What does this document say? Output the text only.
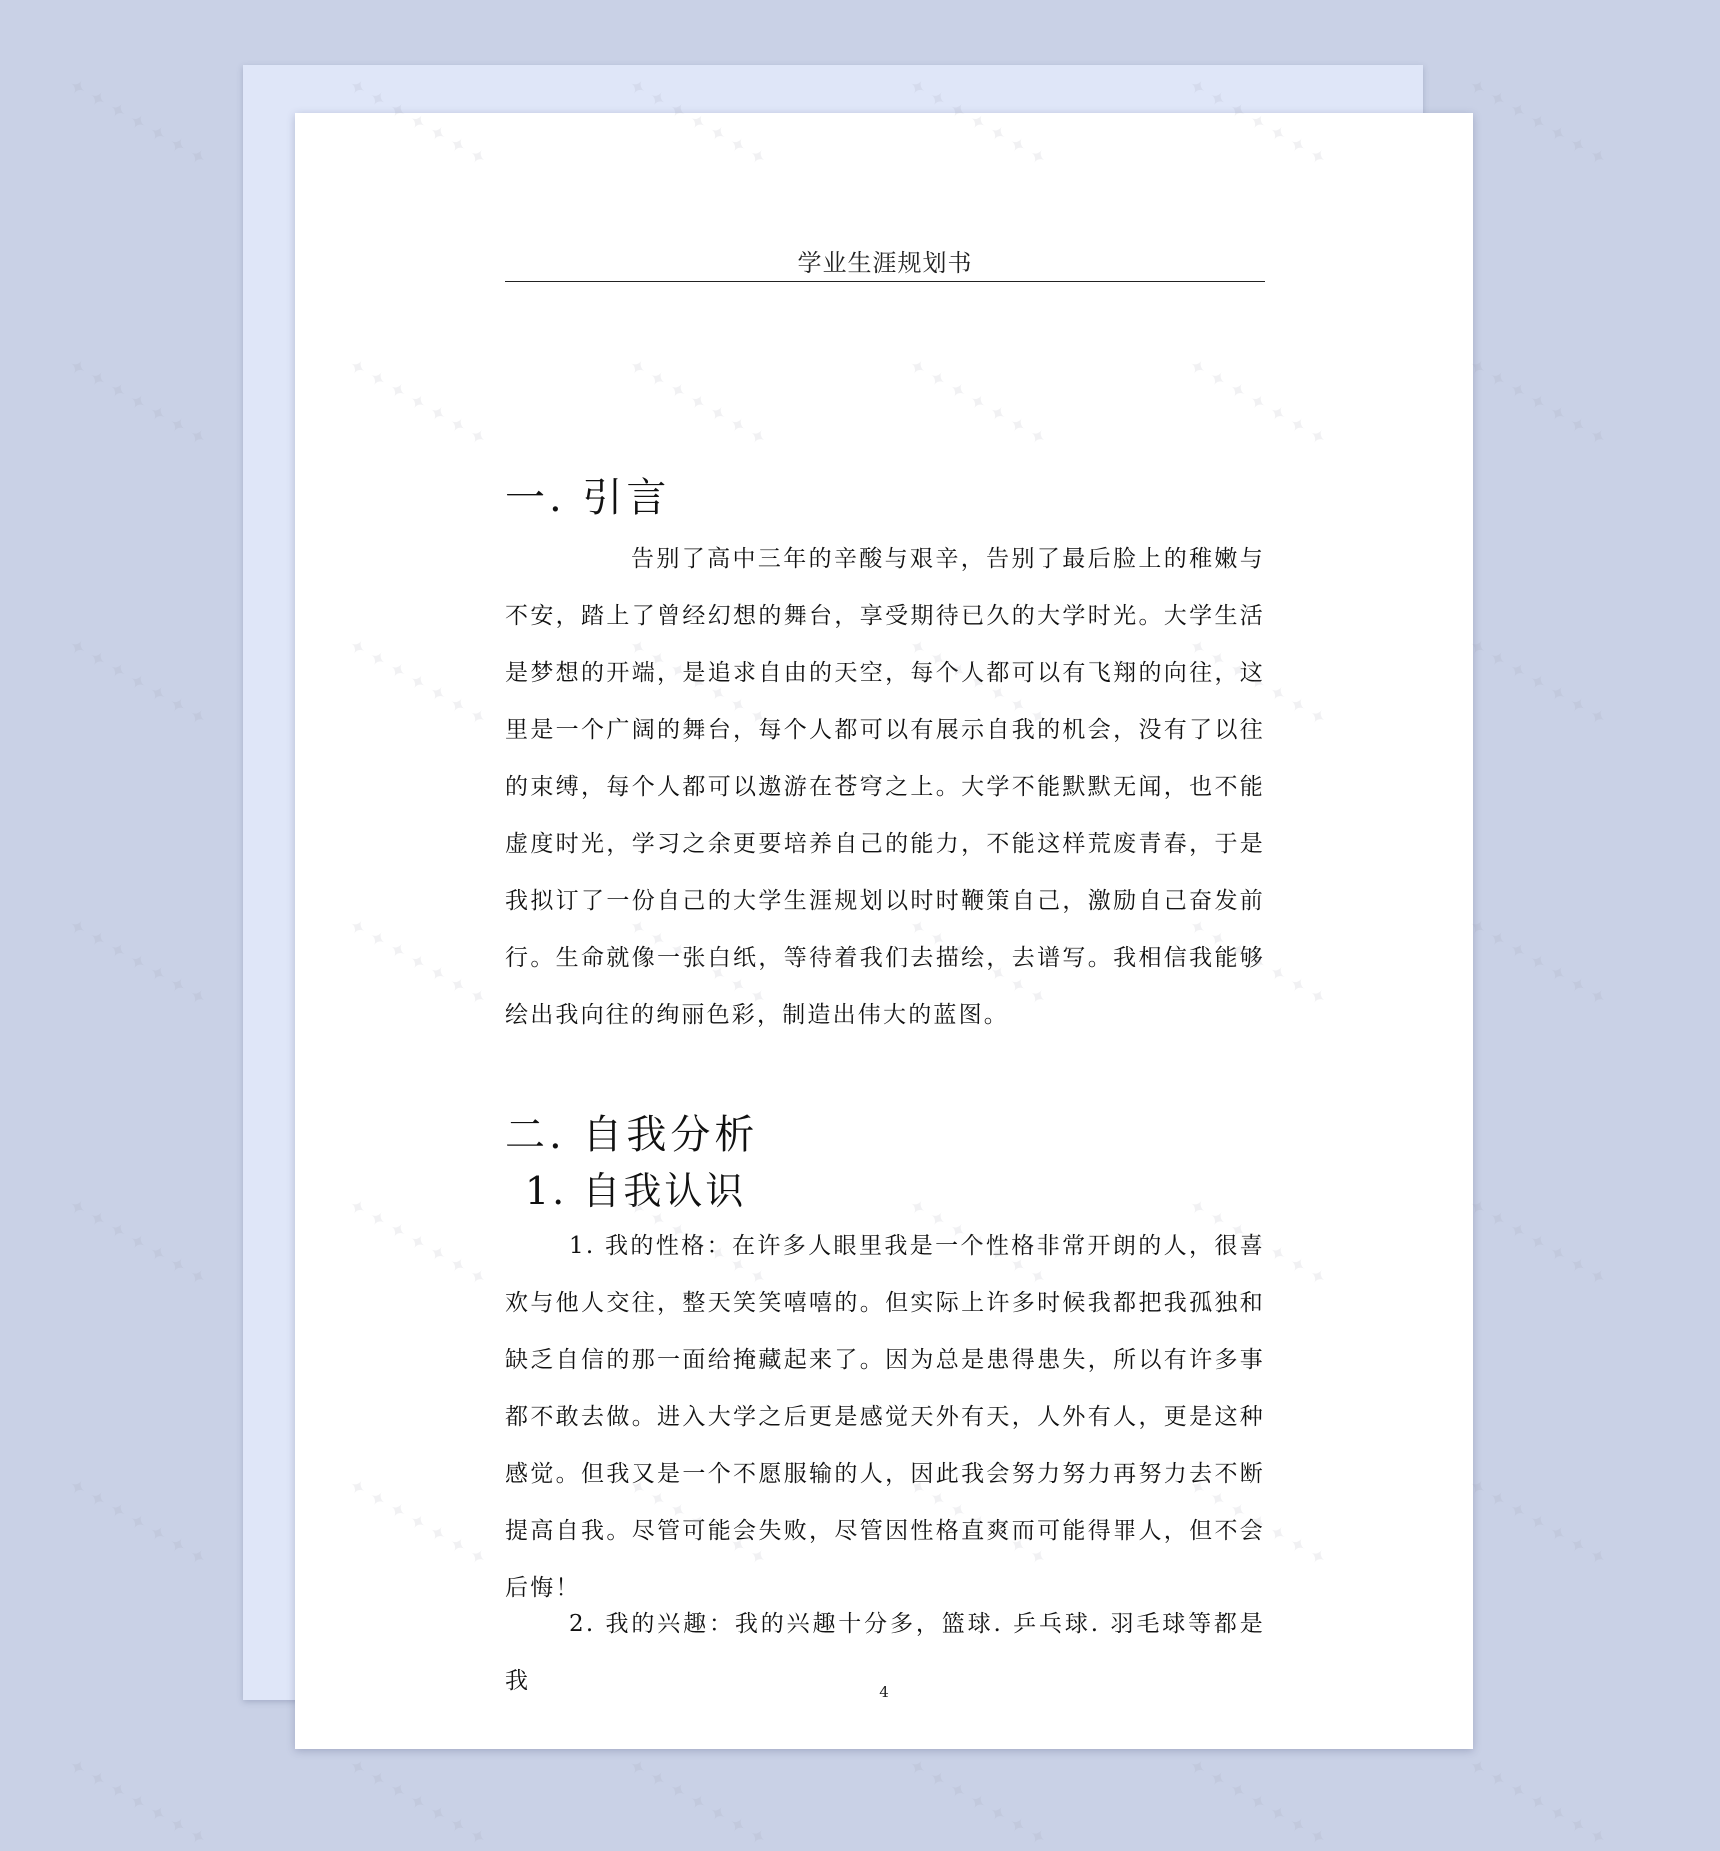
学业生涯规划书
一. 引言

告别了高中三年的辛酸与艰辛，告别了最后脸上的稚嫩与不安，踏上了曾经幻想的舞台，享受期待已久的大学时光。大学生活是梦想的开端，是追求自由的天空，每个人都可以有飞翔的向往，这里是一个广阔的舞台，每个人都可以有展示自我的机会，没有了以往的束缚，每个人都可以遨游在苍穹之上。大学不能默默无闻，也不能虚度时光，学习之余更要培养自己的能力，不能这样荒废青春，于是我拟订了一份自己的大学生涯规划以时时鞭策自己，激励自己奋发前行。生命就像一张白纸，等待着我们去描绘，去谱写。我相信我能够绘出我向往的绚丽色彩，制造出伟大的蓝图。

二. 自我分析
1. 自我认识

1. 我的性格：在许多人眼里我是一个性格非常开朗的人，很喜欢与他人交往，整天笑笑嘻嘻的。但实际上许多时候我都把我孤独和缺乏自信的那一面给掩藏起来了。因为总是患得患失，所以有许多事都不敢去做。进入大学之后更是感觉天外有天，人外有人，更是这种感觉。但我又是一个不愿服输的人，因此我会努力努力再努力去不断提高自我。尽管可能会失败，尽管因性格直爽而可能得罪人，但不会后悔！

2. 我的兴趣：我的兴趣十分多，篮球. 乒乓球. 羽毛球等都是我	4
✦ ✦ ✦ ✦ ✦ ✦ ✦	✦ ✦ ✦ ✦ ✦ ✦ ✦
✦ ✦ ✦ ✦ ✦ ✦ ✦	✦ ✦ ✦ ✦ ✦ ✦ ✦
✦ ✦ ✦ ✦ ✦ ✦ ✦	✦ ✦ ✦ ✦ ✦ ✦ ✦
✦ ✦ ✦ ✦ ✦ ✦ ✦	✦ ✦ ✦ ✦ ✦ ✦ ✦
✦ ✦ ✦ ✦ ✦ ✦ ✦	✦ ✦ ✦ ✦ ✦ ✦ ✦
✦ ✦ ✦ ✦ ✦ ✦ ✦	✦ ✦ ✦ ✦ ✦ ✦ ✦
✦ ✦ ✦ ✦ ✦ ✦ ✦	✦ ✦ ✦ ✦ ✦ ✦ ✦	✦ ✦ ✦ ✦ ✦ ✦ ✦	✦ ✦ ✦ ✦ ✦ ✦ ✦	✦ ✦ ✦ ✦ ✦ ✦ ✦	✦ ✦ ✦ ✦ ✦ ✦ ✦
